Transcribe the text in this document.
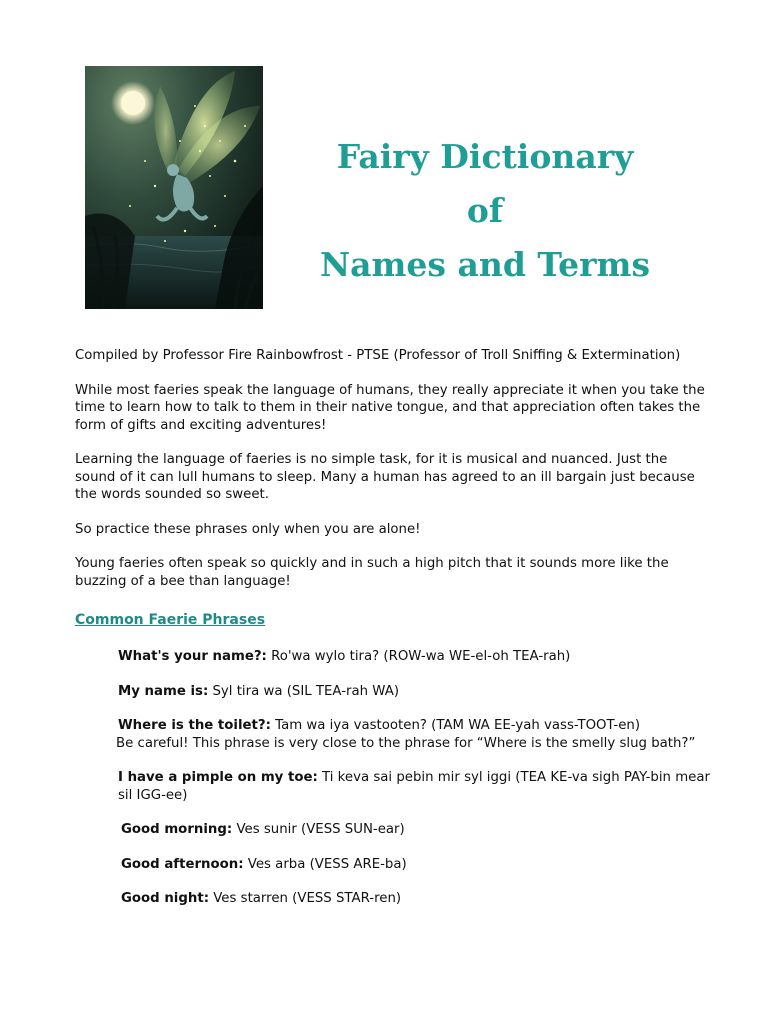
Fairy Dictionary
of
Names and Terms

Compiled by Professor Fire Rainbowfrost - PTSE (Professor of Troll Sniffing & Extermination)

While most faeries speak the language of humans, they really appreciate it when you take the time to learn how to talk to them in their native tongue, and that appreciation often takes the form of gifts and exciting adventures!

Learning the language of faeries is no simple task, for it is musical and nuanced. Just the sound of it can lull humans to sleep. Many a human has agreed to an ill bargain just because the words sounded so sweet.

So practice these phrases only when you are alone!

Young faeries often speak so quickly and in such a high pitch that it sounds more like the buzzing of a bee than language!

Common Faerie Phrases
What's your name?: Ro'wa wylo tira? (ROW-wa WE-el-oh TEA-rah)
My name is: Syl tira wa (SIL TEA-rah WA)
Where is the toilet?: Tam wa iya vastooten? (TAM WA EE-yah vass-TOOT-en)
Be careful! This phrase is very close to the phrase for “Where is the smelly slug bath?”
I have a pimple on my toe: Ti keva sai pebin mir syl iggi (TEA KE-va sigh PAY-bin mear sil IGG-ee)
Good morning: Ves sunir (VESS SUN-ear)
Good afternoon: Ves arba (VESS ARE-ba)
Good night: Ves starren (VESS STAR-ren)
